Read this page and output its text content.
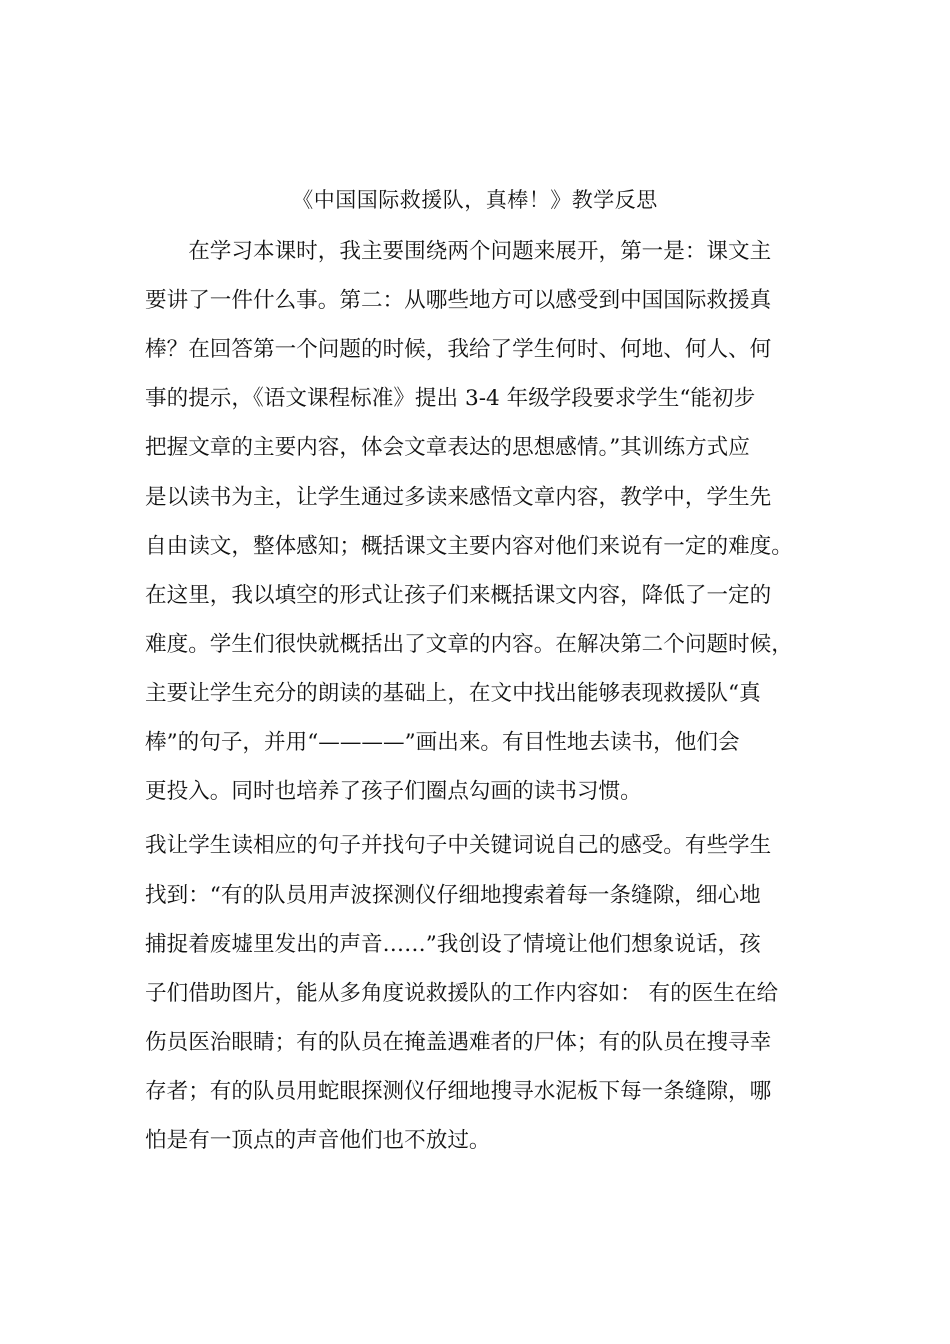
《中国国际救援队，真棒！》教学反思
　　在学习本课时，我主要围绕两个问题来展开，第一是：课文主
要讲了一件什么事。第二：从哪些地方可以感受到中国国际救援真
棒？在回答第一个问题的时候，我给了学生何时、何地、何人、何
事的提示，《语文课程标准》提出 3-4 年级学段要求学生“能初步
把握文章的主要内容，体会文章表达的思想感情。”其训练方式应
是以读书为主，让学生通过多读来感悟文章内容，教学中，学生先
自由读文，整体感知；概括课文主要内容对他们来说有一定的难度。
在这里，我以填空的形式让孩子们来概括课文内容，降低了一定的
难度。学生们很快就概括出了文章的内容。在解决第二个问题时候，
主要让学生充分的朗读的基础上，在文中找出能够表现救援队“真
棒”的句子，并用“————”画出来。有目性地去读书，他们会
更投入。同时也培养了孩子们圈点勾画的读书习惯。
我让学生读相应的句子并找句子中关键词说自己的感受。有些学生
找到：“有的队员用声波探测仪仔细地搜索着每一条缝隙，细心地
捕捉着废墟里发出的声音……”我创设了情境让他们想象说话，孩
子们借助图片，能从多角度说救援队的工作内容如： 有的医生在给
伤员医治眼睛；有的队员在掩盖遇难者的尸体；有的队员在搜寻幸
存者；有的队员用蛇眼探测仪仔细地搜寻水泥板下每一条缝隙，哪
怕是有一顶点的声音他们也不放过。
